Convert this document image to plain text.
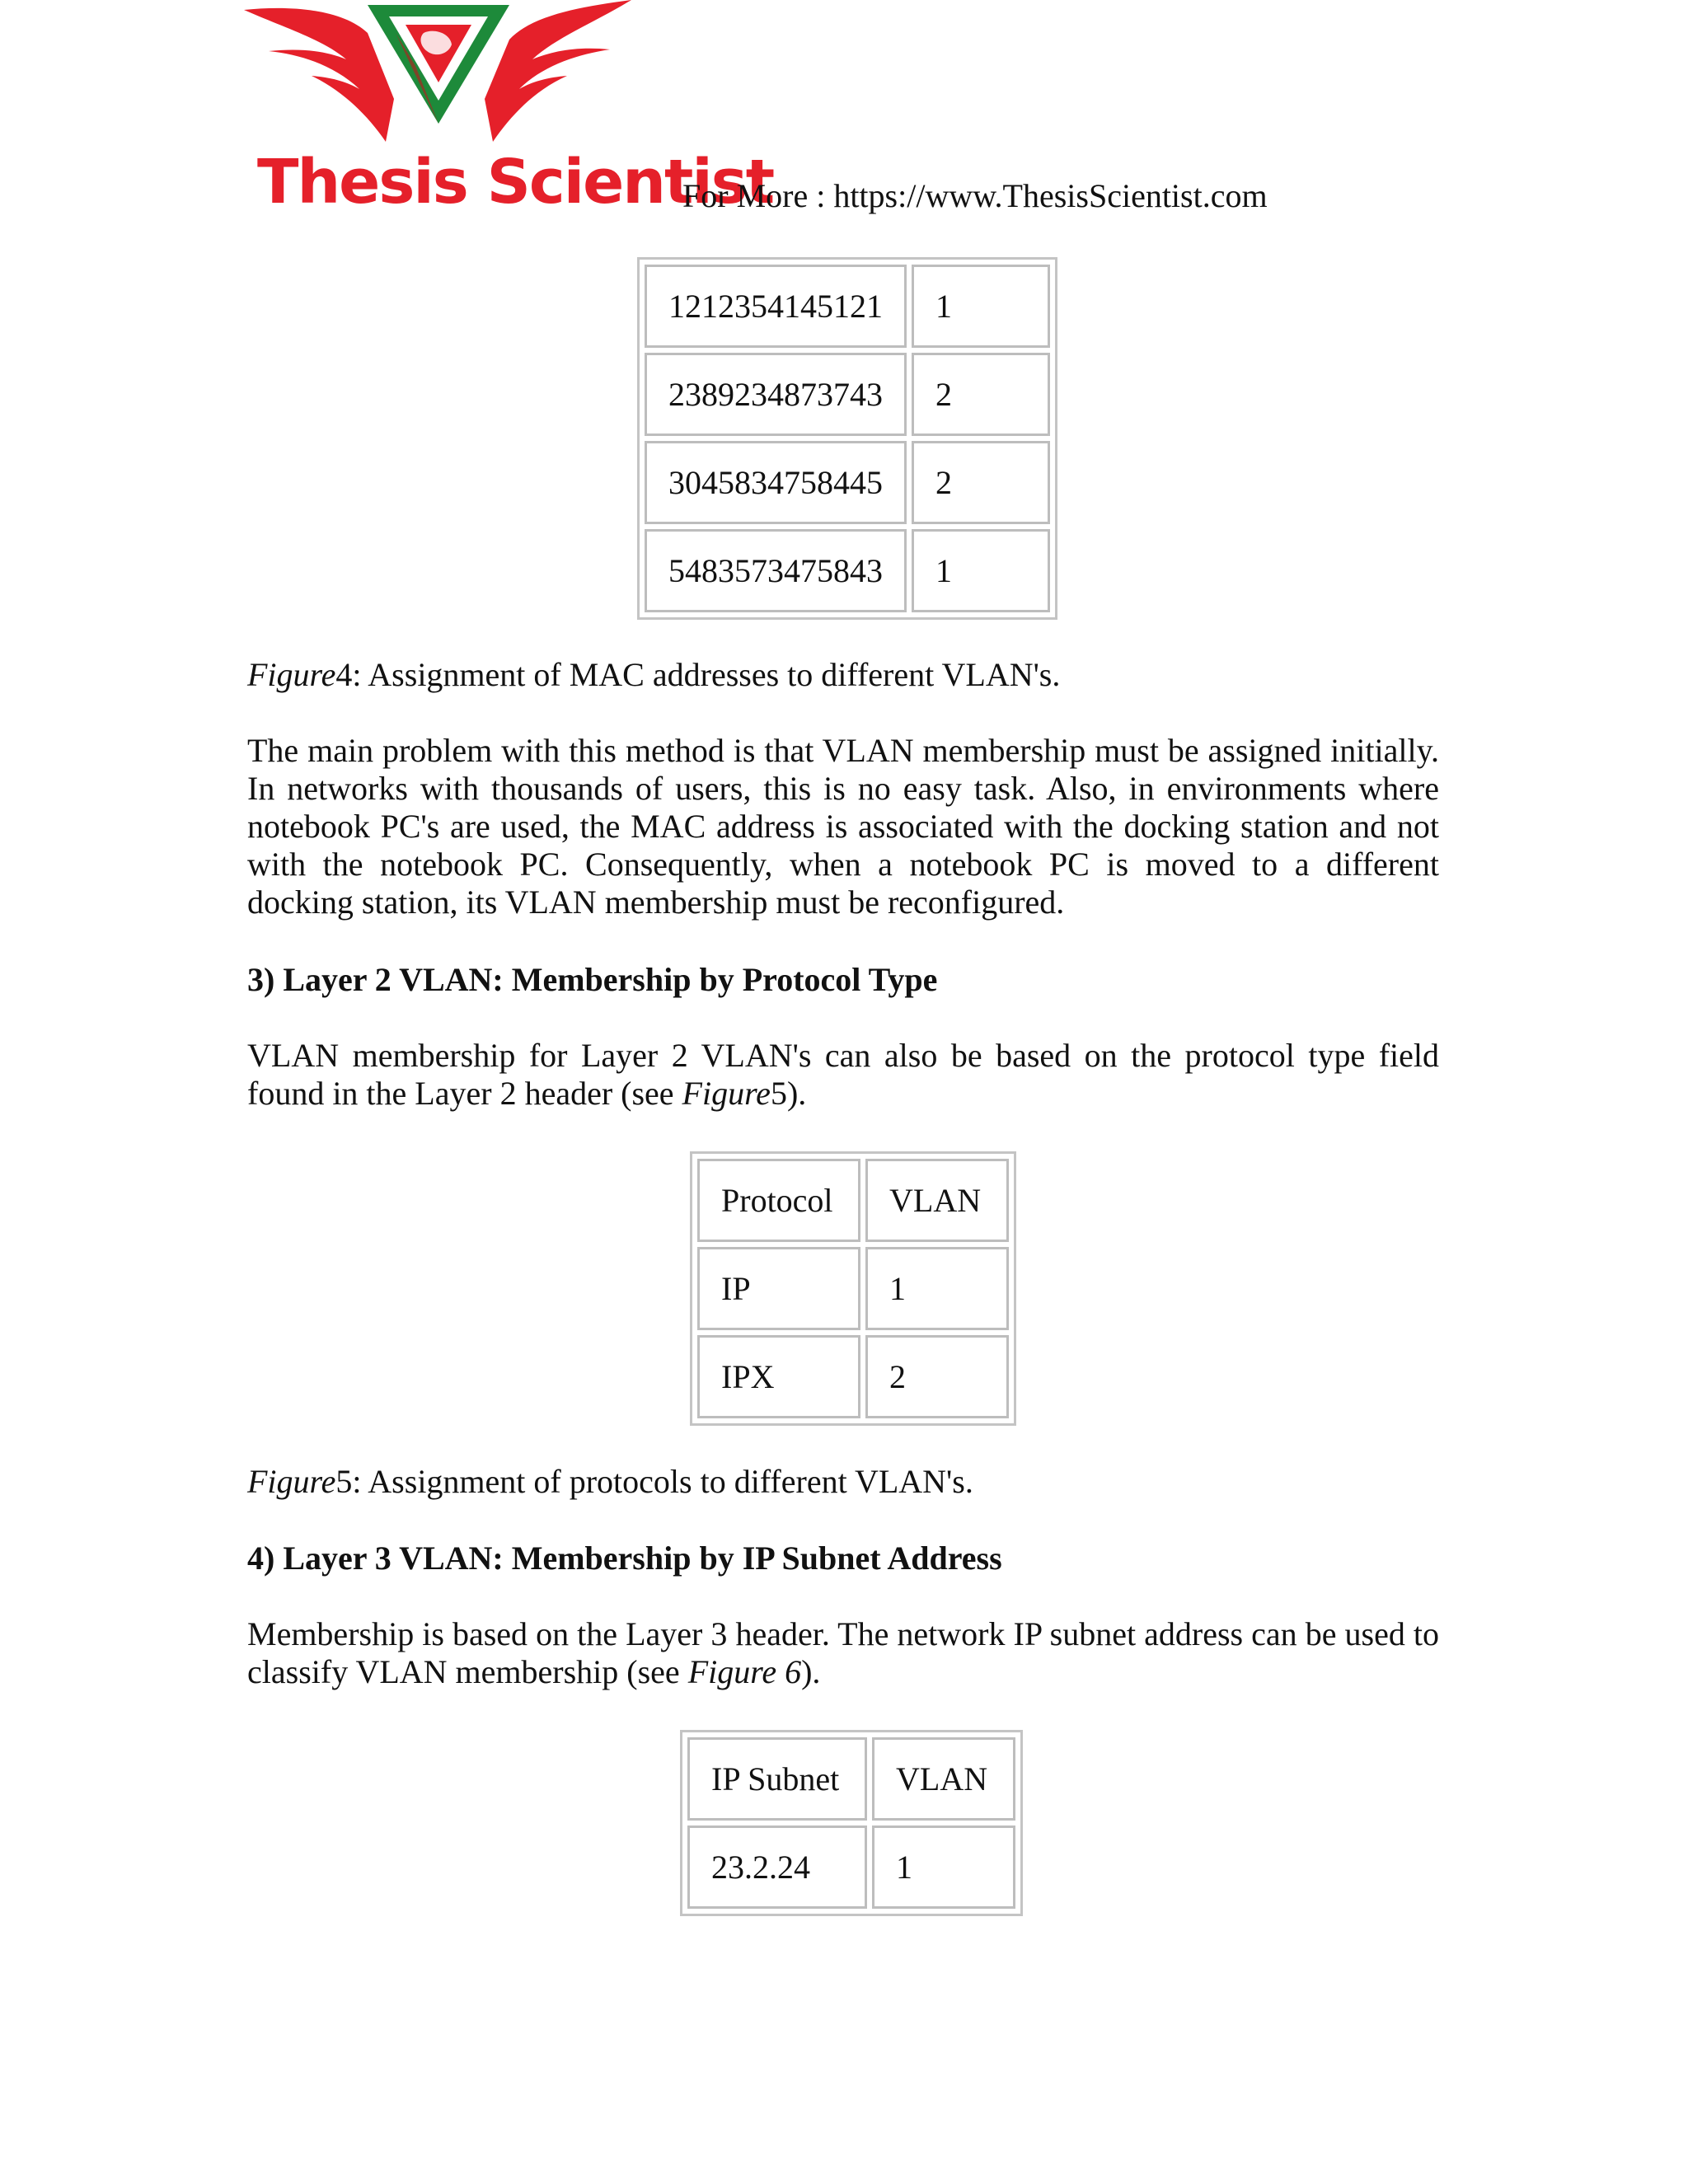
Thesis Scientist
For More : https://www.ThesisScientist.com
1212354145121	1
2389234873743	2
3045834758445	2
5483573475843	1
Figure4: Assignment of MAC addresses to different VLAN's.
The main problem with this method is that VLAN membership must be assigned initially. In networks with thousands of users, this is no easy task. Also, in environments where notebook PC's are used, the MAC address is associated with the docking station and not with the notebook PC. Consequently, when a notebook PC is moved to a different docking station, its VLAN membership must be reconfigured.
3) Layer 2 VLAN: Membership by Protocol Type
VLAN membership for Layer 2 VLAN's can also be based on the protocol type field found in the Layer 2 header (see Figure5).
Protocol	VLAN
IP	1
IPX	2
Figure5: Assignment of protocols to different VLAN's.
4) Layer 3 VLAN: Membership by IP Subnet Address
Membership is based on the Layer 3 header. The network IP subnet address can be used to classify VLAN membership (see Figure 6).
IP Subnet	VLAN
23.2.24	1
